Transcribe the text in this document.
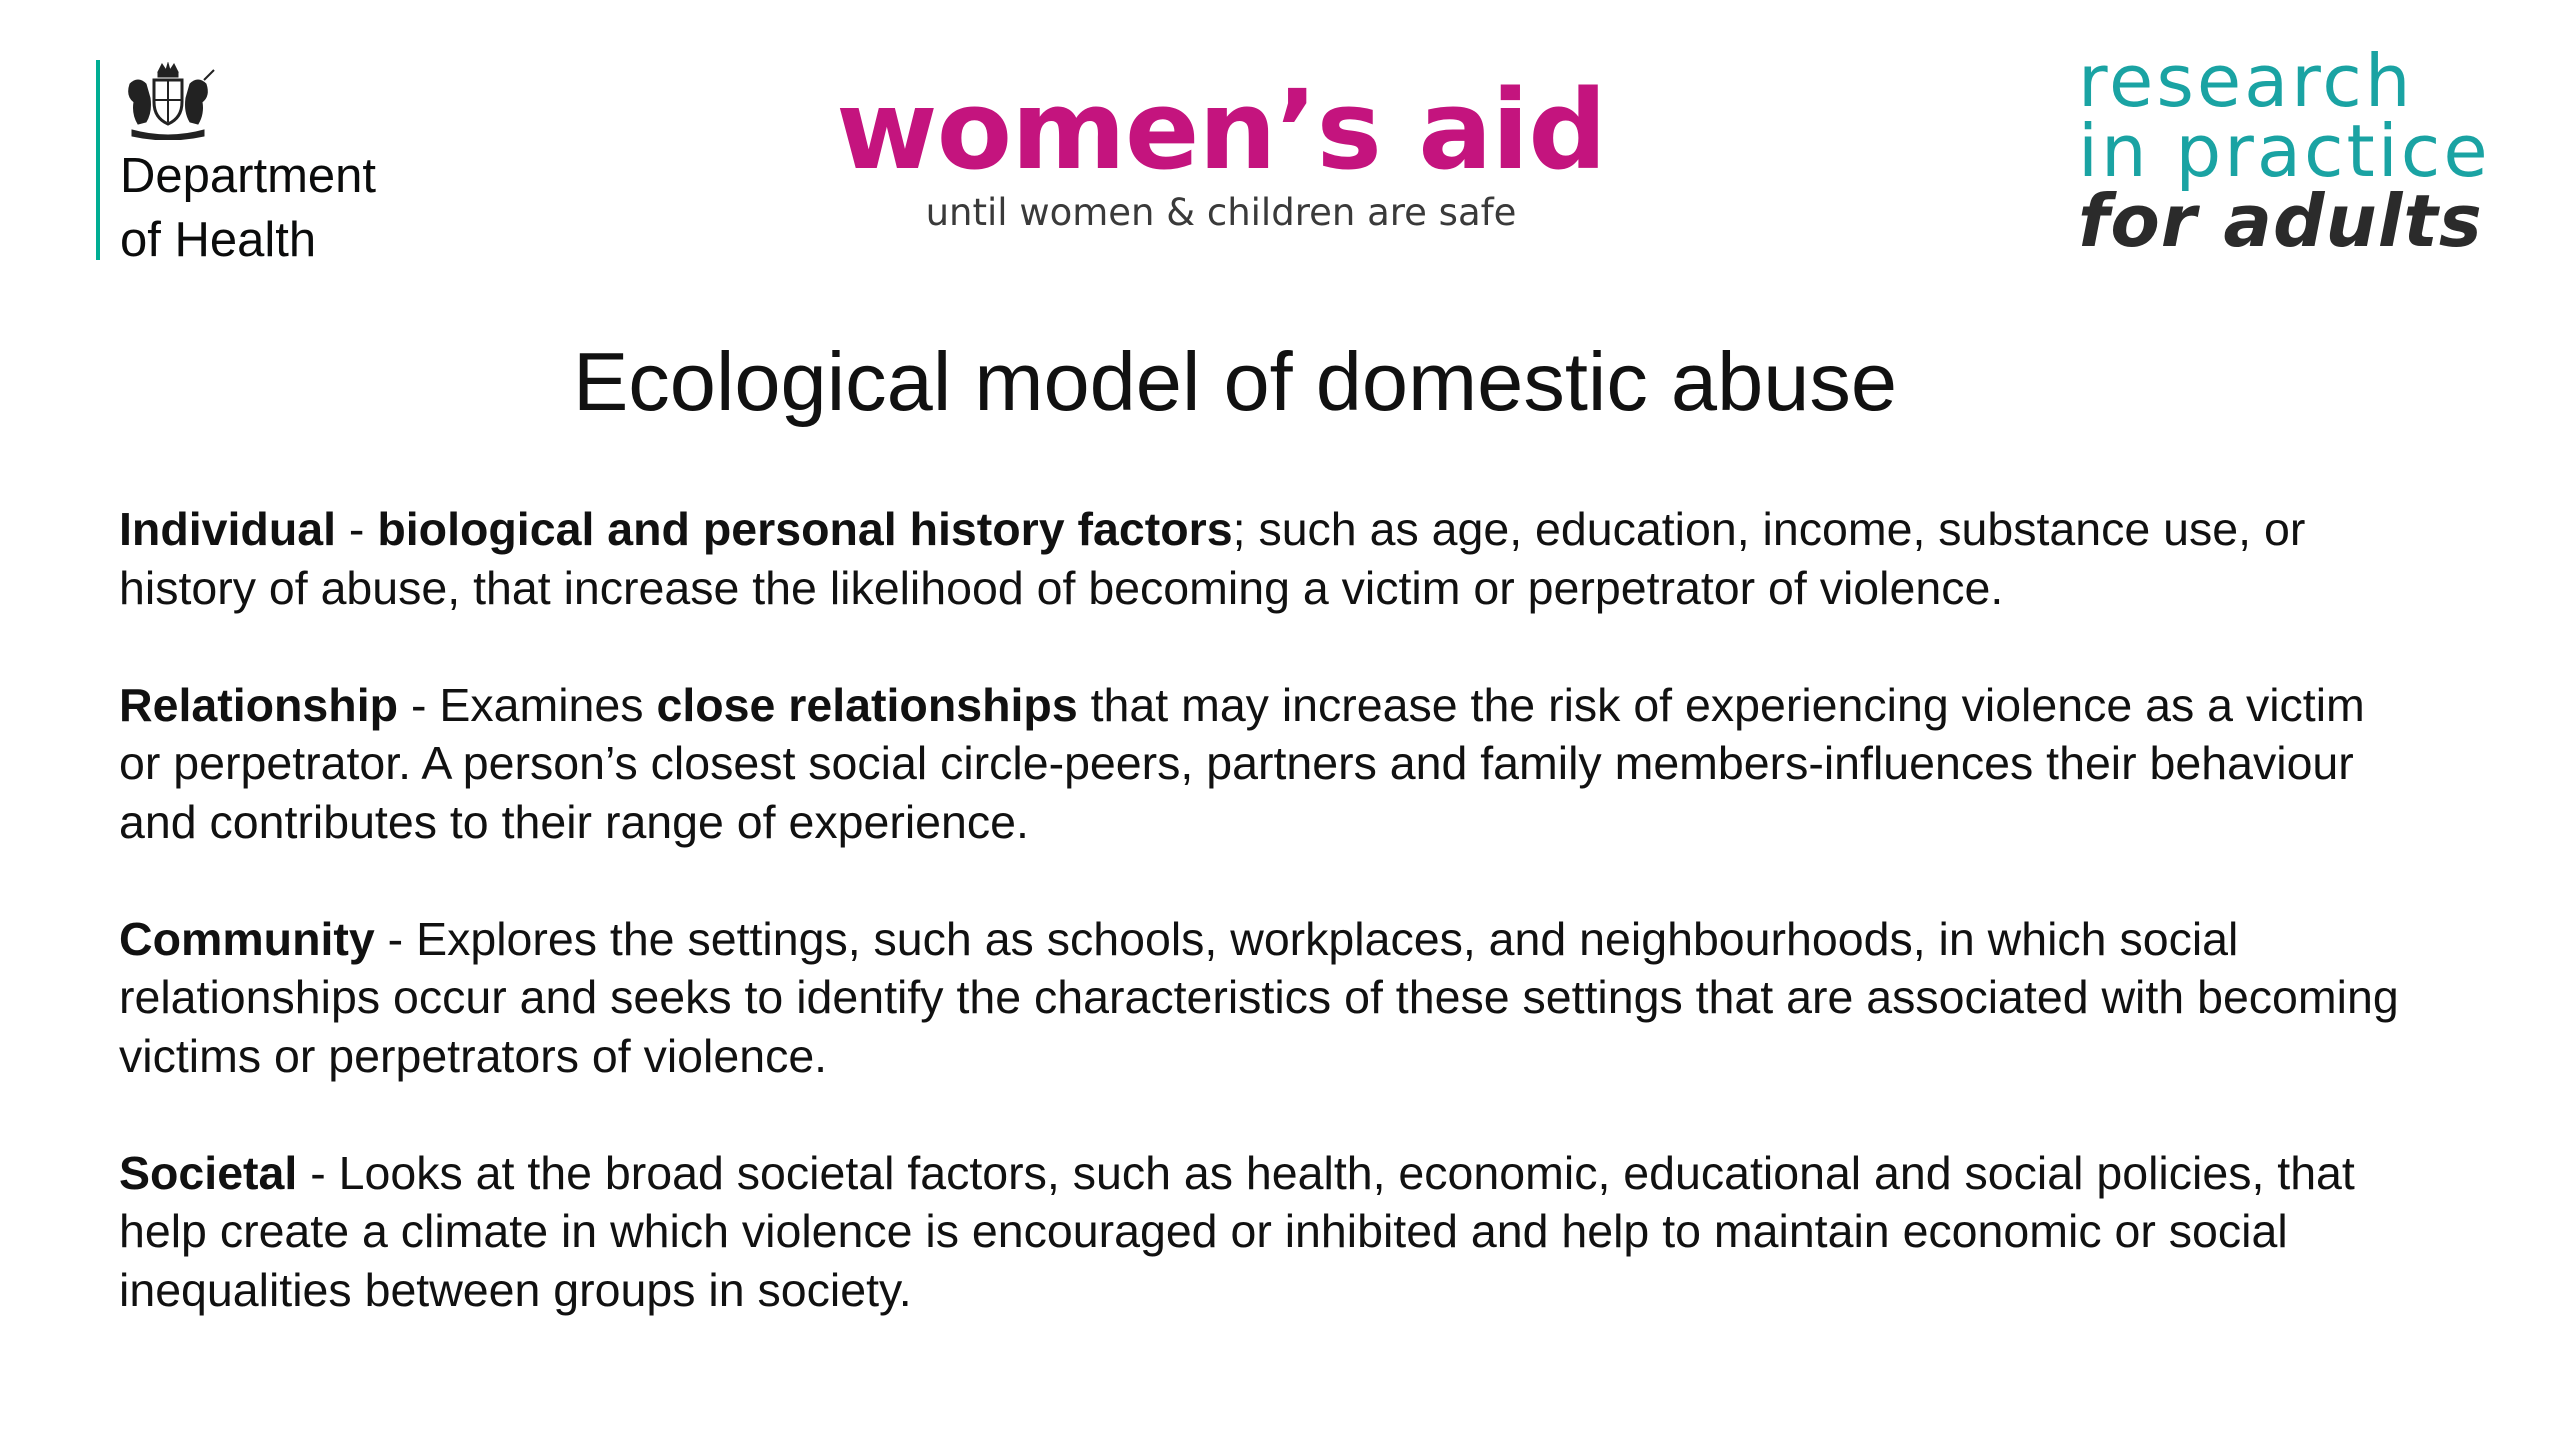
Department
of Health
women’s aid
until women & children are safe
research
in practice
for adults
Ecological model of domestic abuse

Individual - biological and personal history factors; such as age, education, income, substance use, or history of abuse, that increase the likelihood of becoming a victim or perpetrator of violence.

Relationship - Examines close relationships that may increase the risk of experiencing violence as a victim or perpetrator. A person’s closest social circle-peers, partners and family members-influences their behaviour and contributes to their range of experience.

Community - Explores the settings, such as schools, workplaces, and neighbourhoods, in which social relationships occur and seeks to identify the characteristics of these settings that are associated with becoming victims or perpetrators of violence.

Societal - Looks at the broad societal factors, such as health, economic, educational and social policies, that help create a climate in which violence is encouraged or inhibited and help to maintain economic or social inequalities between groups in society.
